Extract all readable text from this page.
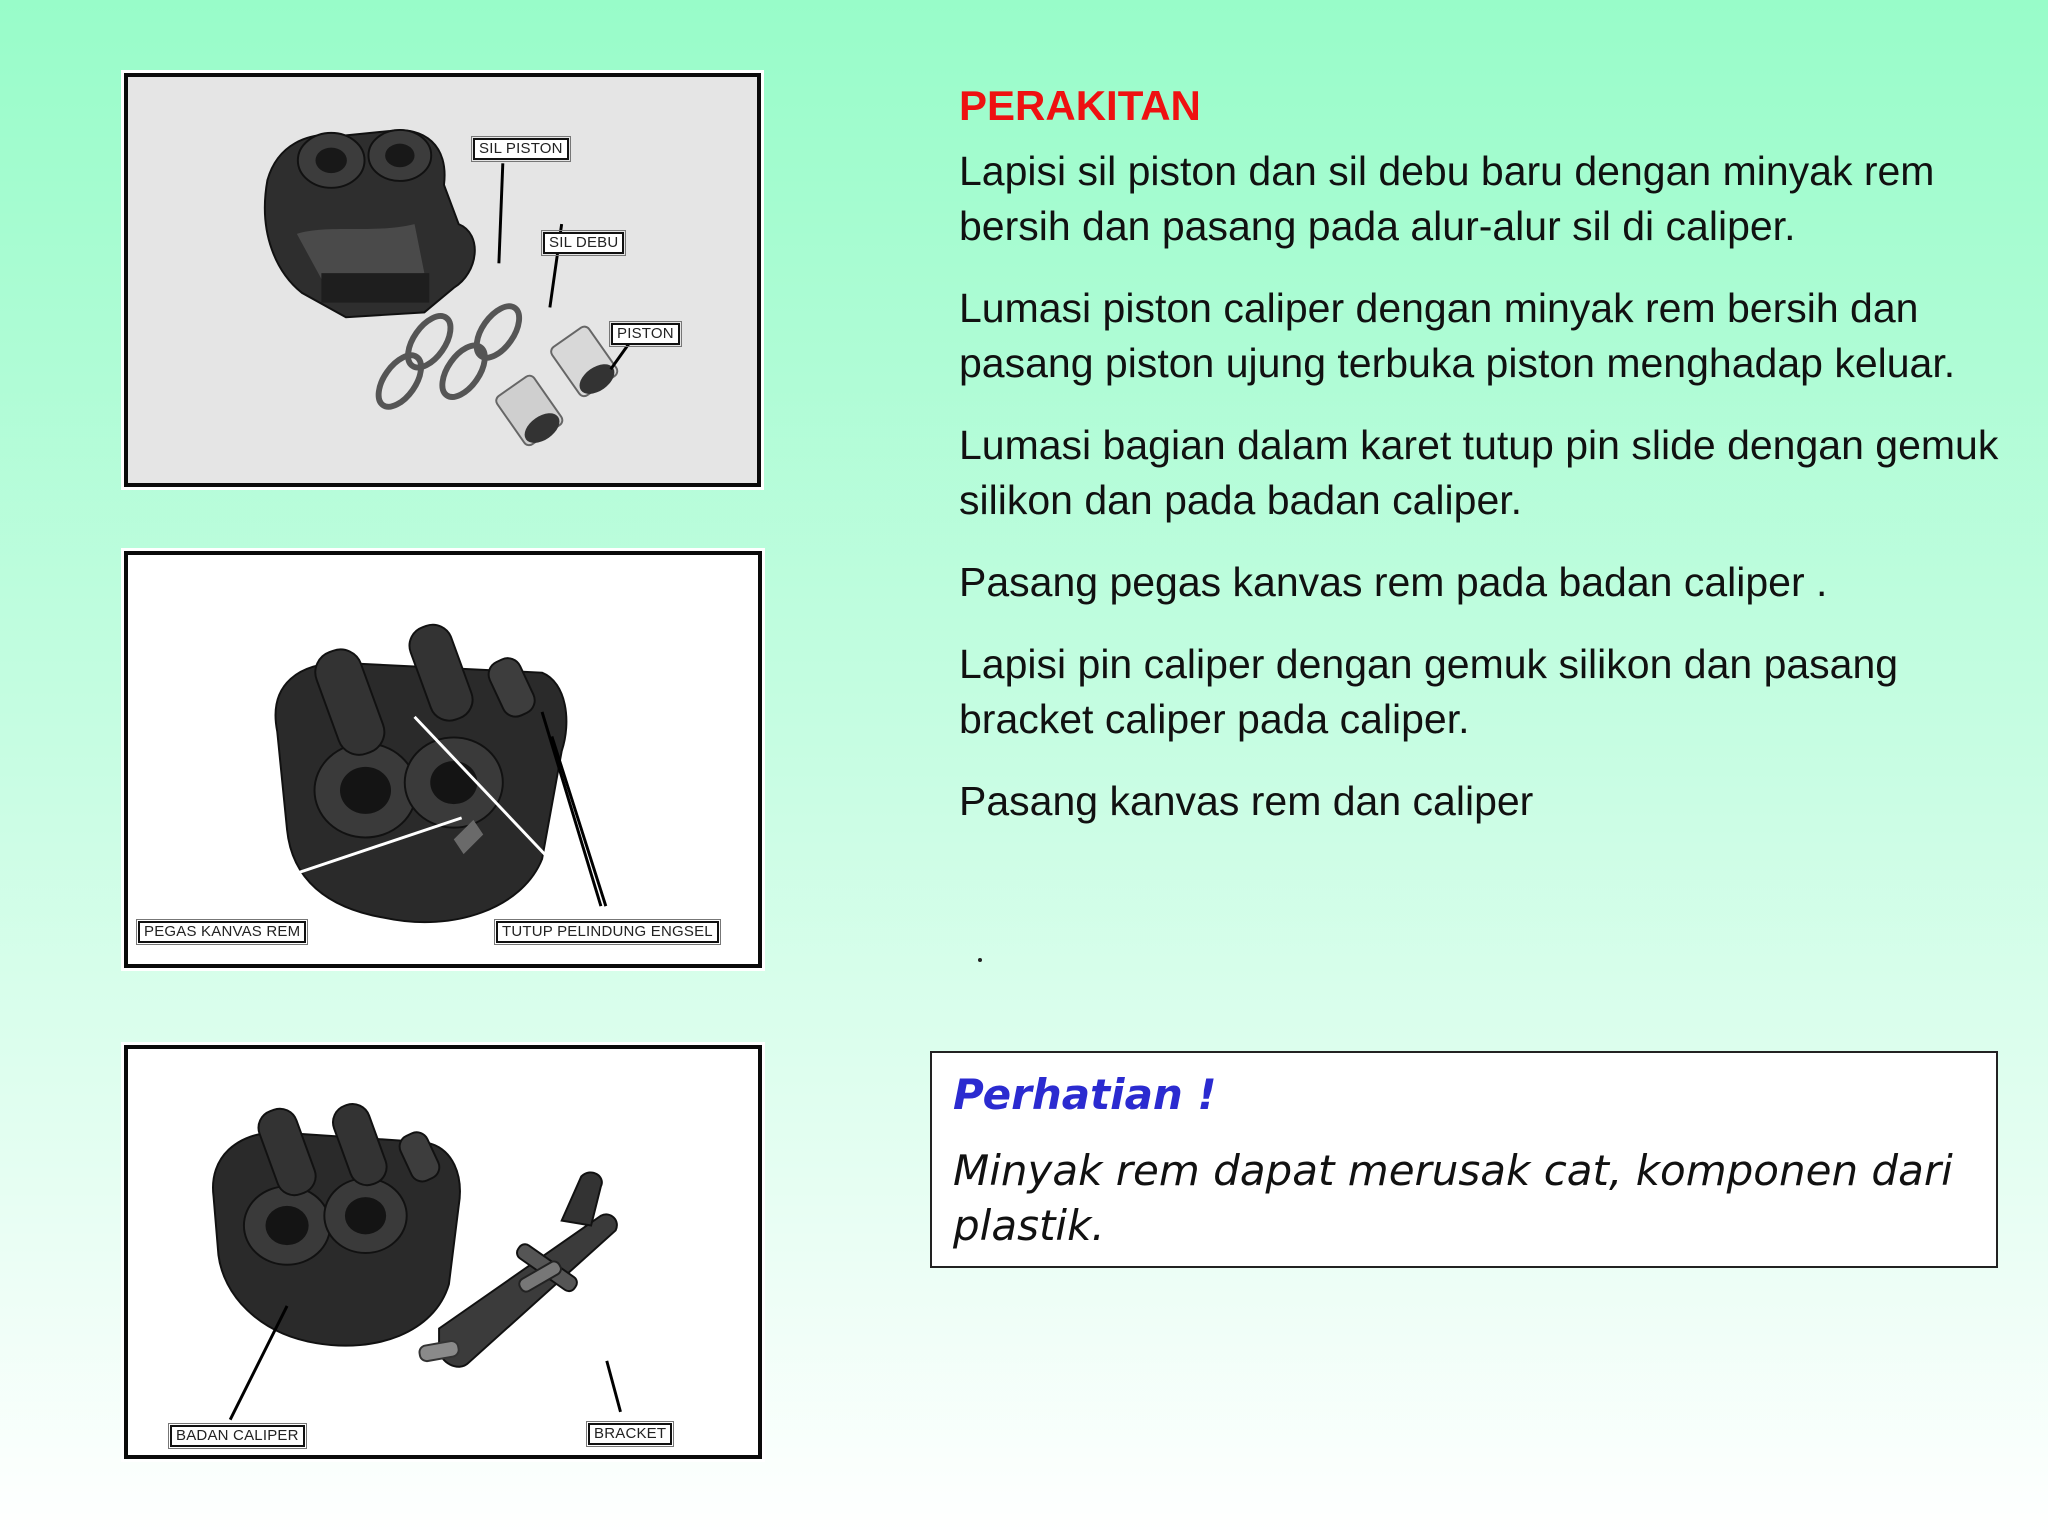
SIL PISTON
SIL DEBU
PISTON
PEGAS KANVAS REM	TUTUP PELINDUNG ENGSEL
BADAN CALIPER	BRACKET
PERAKITAN

Lapisi sil piston dan sil debu baru dengan minyak rem bersih dan pasang pada alur-alur sil di caliper.

Lumasi piston caliper dengan minyak rem bersih dan pasang piston ujung terbuka piston menghadap keluar.

Lumasi bagian dalam karet tutup pin slide dengan gemuk silikon dan pada badan caliper.

Pasang pegas kanvas rem pada badan caliper .

Lapisi pin caliper dengan gemuk silikon dan pasang bracket caliper pada caliper.

Pasang kanvas rem dan caliper

Perhatian !

Minyak rem dapat merusak cat, komponen dari plastik.
